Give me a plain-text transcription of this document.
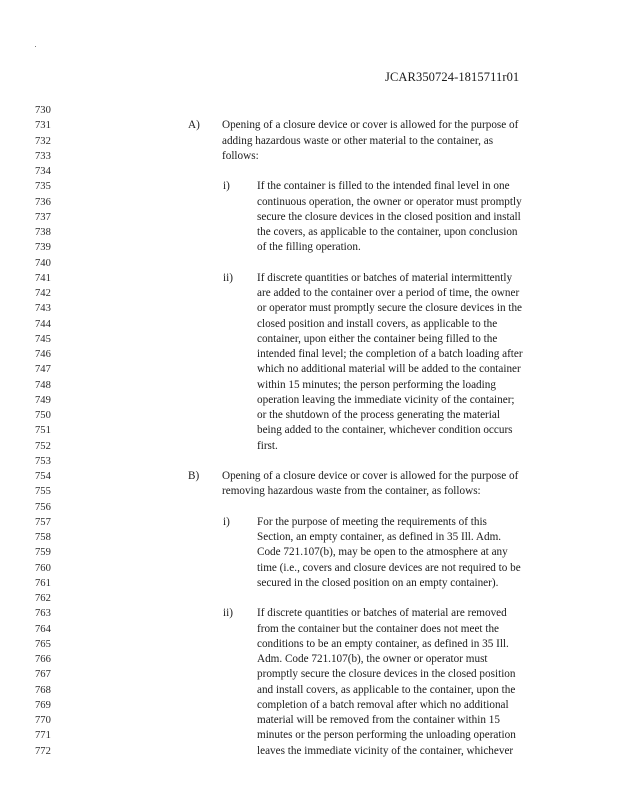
JCAR350724-1815711r01
730
731	A) Opening of a closure device or cover is allowed for the purpose of
732	adding hazardous waste or other material to the container, as
733	follows:
734
735	i) If the container is filled to the intended final level in one
736	continuous operation, the owner or operator must promptly
737	secure the closure devices in the closed position and install
738	the covers, as applicable to the container, upon conclusion
739	of the filling operation.
740
741	ii) If discrete quantities or batches of material intermittently
742	are added to the container over a period of time, the owner
743	or operator must promptly secure the closure devices in the
744	closed position and install covers, as applicable to the
745	container, upon either the container being filled to the
746	intended final level; the completion of a batch loading after
747	which no additional material will be added to the container
748	within 15 minutes; the person performing the loading
749	operation leaving the immediate vicinity of the container;
750	or the shutdown of the process generating the material
751	being added to the container, whichever condition occurs
752	first.
753
754	B) Opening of a closure device or cover is allowed for the purpose of
755	removing hazardous waste from the container, as follows:
756
757	i) For the purpose of meeting the requirements of this
758	Section, an empty container, as defined in 35 Ill. Adm.
759	Code 721.107(b), may be open to the atmosphere at any
760	time (i.e., covers and closure devices are not required to be
761	secured in the closed position on an empty container).
762
763	ii) If discrete quantities or batches of material are removed
764	from the container but the container does not meet the
765	conditions to be an empty container, as defined in 35 Ill.
766	Adm. Code 721.107(b), the owner or operator must
767	promptly secure the closure devices in the closed position
768	and install covers, as applicable to the container, upon the
769	completion of a batch removal after which no additional
770	material will be removed from the container within 15
771	minutes or the person performing the unloading operation
772	leaves the immediate vicinity of the container, whichever
